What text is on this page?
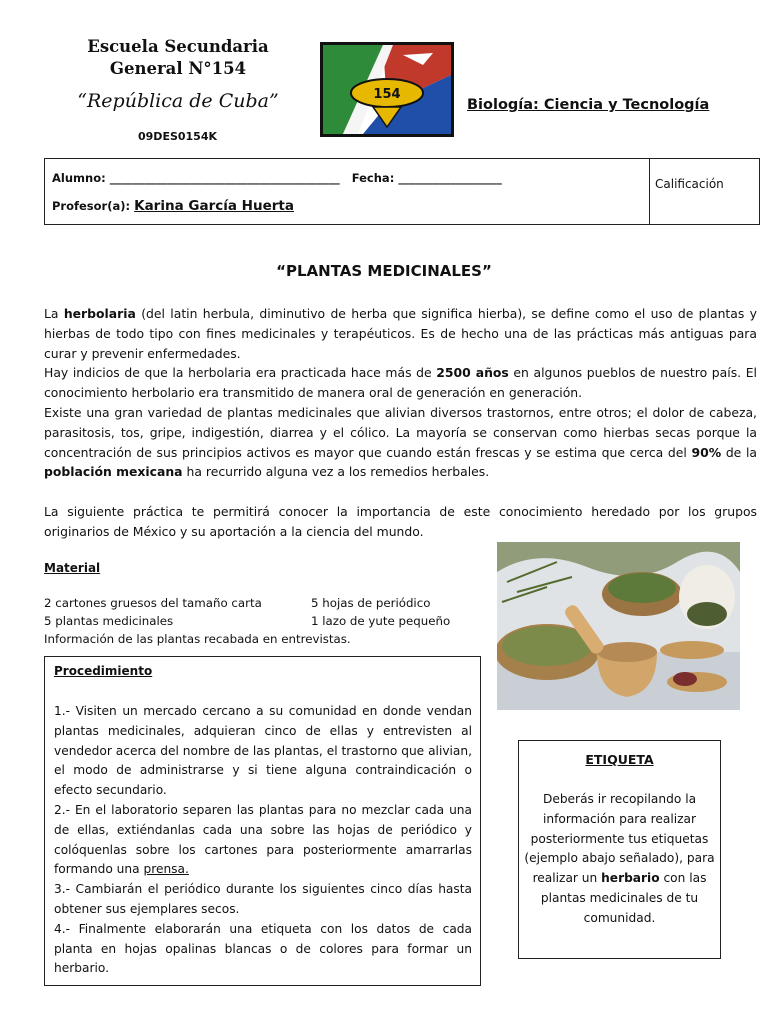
Escuela Secundaria
General N°154
“República de Cuba”
09DES0154K
154
Biología: Ciencia y Tecnología
Alumno: ________________________________________ Fecha: __________________
Profesor(a): Karina García Huerta
Calificación
“PLANTAS MEDICINALES”

La herbolaria (del latin herbula, diminutivo de herba que significa hierba), se define como el uso de plantas y hierbas de todo tipo con fines medicinales y terapéuticos. Es de hecho una de las prácticas más antiguas para curar y prevenir enfermedades.

Hay indicios de que la herbolaria era practicada hace más de 2500 años en algunos pueblos de nuestro país. El conocimiento herbolario era transmitido de manera oral de generación en generación.

Existe una gran variedad de plantas medicinales que alivian diversos trastornos, entre otros; el dolor de cabeza, parasitosis, tos, gripe, indigestión, diarrea y el cólico. La mayoría se conservan como hierbas secas porque la concentración de sus principios activos es mayor que cuando están frescas y se estima que cerca del 90% de la población mexicana ha recurrido alguna vez a los remedios herbales.

La siguiente práctica te permitirá conocer la importancia de este conocimiento heredado por los grupos originarios de México y su aportación a la ciencia del mundo.
Material
2 cartones gruesos del tamaño carta	5 hojas de periódico
5 plantas medicinales	1 lazo de yute pequeño
Información de las plantas recabada en entrevistas.
Procedimiento

1.- Visiten un mercado cercano a su comunidad en donde vendan plantas medicinales, adquieran cinco de ellas y entrevisten al vendedor acerca del nombre de las plantas, el trastorno que alivian, el modo de administrarse y si tiene alguna contraindicación o efecto secundario.

2.- En el laboratorio separen las plantas para no mezclar cada una de ellas, extiéndanlas cada una sobre las hojas de periódico y colóquenlas sobre los cartones para posteriormente amarrarlas formando una prensa.

3.- Cambiarán el periódico durante los siguientes cinco días hasta obtener sus ejemplares secos.

4.- Finalmente elaborarán una etiqueta con los datos de cada planta en hojas opalinas blancas o de colores para formar un herbario.

ETIQUETA
Deberás ir recopilando la información para realizar posteriormente tus etiquetas (ejemplo abajo señalado), para realizar un herbario con las plantas medicinales de tu comunidad.
